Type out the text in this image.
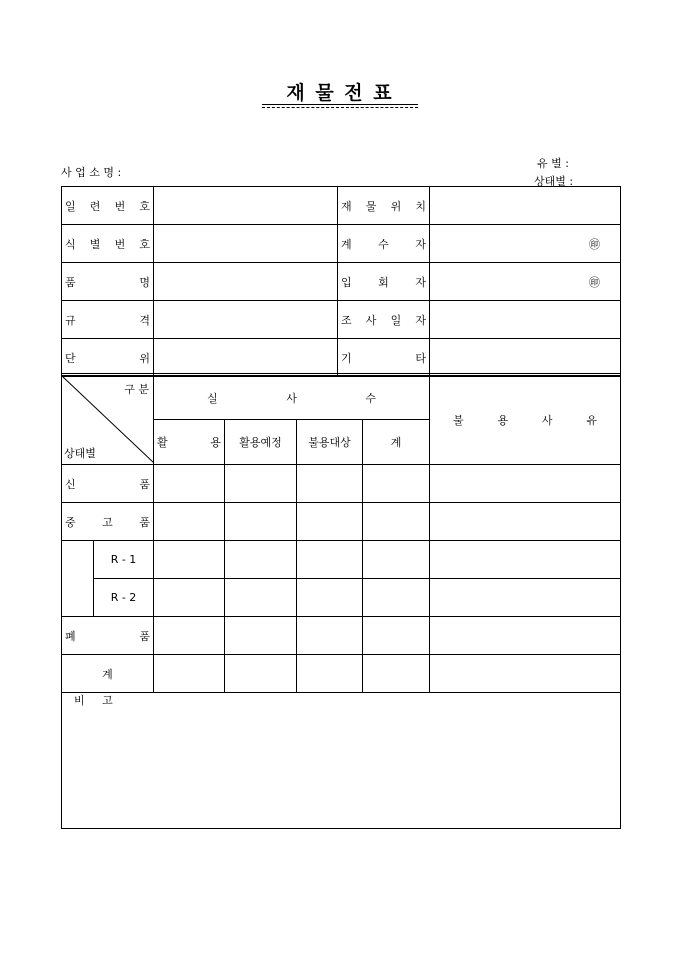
재 물 전 표
사 업 소 명 :
유 별 :
상태별 :
일 련 번 호		재 물 위 치	

식 별 번 호		계 수 자	㊞

품 명		입 회 자	㊞

규 격		조 사 일 자	

단 위		기 타	

구 분
상태별		실 사 수				불 용 사 유

		활 용	활용예정	불용대상	계	

신 품						

중 고 품						

	R - 1					
	R - 2					

폐 품						

계						
비 고
